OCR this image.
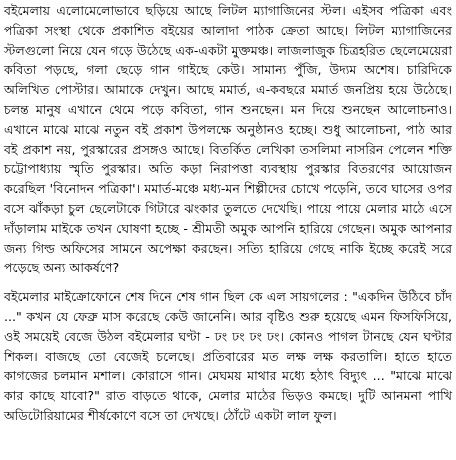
বইমেলায় এলোমেলোভাবে ছড়িয়ে আছে লিটল ম্যাগাজিনের স্টল। এইসব পত্রিকা এবং পত্রিকা সংস্থা থেকে প্রকাশিত বইয়ের আলাদা পাঠক ক্রেতা আছে। লিটল ম্যাগাজিনের স্টলগুলো নিয়ে যেন গড়ে উঠেছে এক-একটা মুক্তমঞ্চ। লাজলাজুক চিত্রহরিত ছেলেমেয়েরা কবিতা পড়ছে, গলা ছেড়ে গান গাইছে কেউ। সামান্য পুঁজি, উদ্যম অশেষ। চারিদিকে অলিখিত পোস্টার। আমাকে দেখুন। আছে মমার্ত, এ-কবছরে মমার্ত জনপ্রিয় হয়ে উঠেছে। চলন্ত মানুষ এখানে থেমে পড়ে কবিতা, গান শুনছেন। মন দিয়ে শুনছেন আলোচনাও। এখানে মাঝে মাঝে নতুন বই প্রকাশ উপলক্ষে অনুষ্ঠানও হচ্ছে। শুধু আলোচনা, পাঠ আর বই প্রকাশ নয়, পুরস্কারের প্রসঙ্গও আছে। বিতর্কিত লেখিকা তসলিমা নাসরিন পেলেন শক্তি চট্টোপাধ্যায় স্মৃতি পুরস্কার। অতি কড়া নিরাপত্তা ব্যবস্থায় পুরস্কার বিতরণের আয়োজন করেছিল 'বিনোদন পত্রিকা'। মমার্ত-মঞ্চে মধ্য-মন শিল্পীদের চোখে পড়েনি, তবে ঘাসের ওপর বসে ঝাঁকড়া চুল ছেলেটাকে গিটারে ঝংকার তুলতে দেখেছি। পায়ে পায়ে মেলার মাঠে এসে দাঁড়ালাম মাইকে তখন ঘোষণা হচ্ছে - শ্রীমতী অমুক আপনি হারিয়ে গেছেন। অমুক আপনার জন্য গিল্ড অফিসের সামনে অপেক্ষা করছেন। সত্যি হারিয়ে গেছে নাকি ইচ্ছে করেই সরে পড়েছে অন্য আকর্ষণে?

বইমেলার মাইক্রোফোনে শেষ দিনে শেষ গান ছিল কে এল সায়গলের : "একদিন উঠিবে চাঁদ ..." কখন যে ফেব্রু মাস করেছে কেউ জানেনি। আর বৃষ্টিও শুরু হয়েছে এমন ফিসফিসিয়ে, ওই সময়েই বেজে উঠল বইমেলার ঘণ্টা - ঢং ঢং ঢং ঢং। কোনও পাগল টানছে যেন ঘণ্টার শিকল। বাজছে তো বেজেই চলেছে। প্রতিবারের মত লক্ষ লক্ষ করতালি। হাতে হাতে কাগজের চলমান মশাল। কোরাসে গান। মেঘময় মাথার মধ্যে হঠাৎ বিদ্যুৎ ... "মাঝে মাঝে কার কাছে যাবো?" রাত বাড়তে থাকে, মেলার মাঠের ভিড়ও কমছে। দুটি আনমনা পাখি অডিটোরিয়ামের শীর্ষকোণে বসে তা দেখছে। ঠোঁটে একটা লাল ফুল।
